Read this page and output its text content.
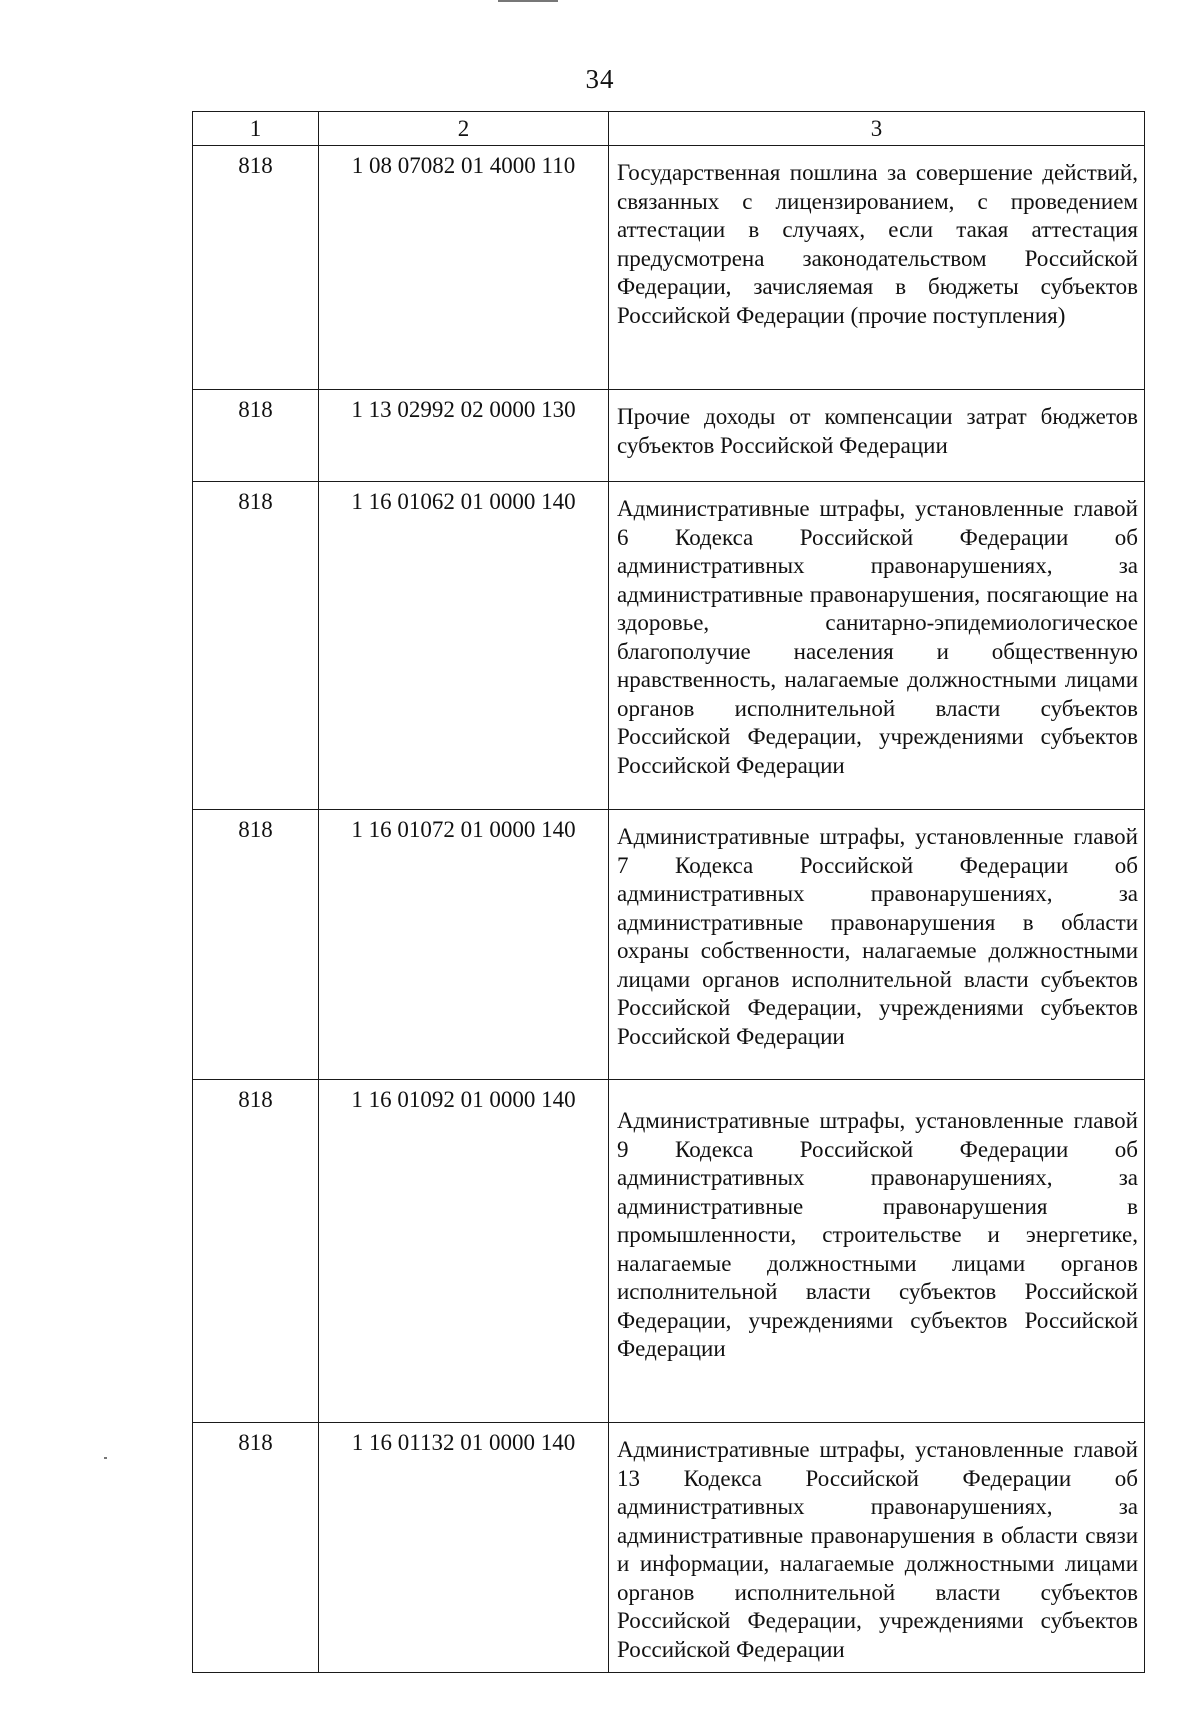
34
1	2	3
818	1 08 07082 01 4000 110	Государственная пошлина за совершение действий, связанных с лицензированием, с проведением аттестации в случаях, если такая аттестация предусмотрена законодательством Российской Федерации, зачисляемая в бюджеты субъектов Российской Федерации (прочие поступления)
818	1 13 02992 02 0000 130	Прочие доходы от компенсации затрат бюджетов субъектов Российской Федерации
818	1 16 01062 01 0000 140	Административные штрафы, установленные главой 6 Кодекса Российской Федерации об административных правонарушениях, за административные правонарушения, посягающие на здоровье, санитарно-эпидемиологическое благополучие населения и общественную нравственность, налагаемые должностными лицами органов исполнительной власти субъектов Российской Федерации, учреждениями субъектов Российской Федерации
818	1 16 01072 01 0000 140	Административные штрафы, установленные главой 7 Кодекса Российской Федерации об административных правонарушениях, за административные правонарушения в области охраны собственности, налагаемые должностными лицами органов исполнительной власти субъектов Российской Федерации, учреждениями субъектов Российской Федерации
818	1 16 01092 01 0000 140	Административные штрафы, установленные главой 9 Кодекса Российской Федерации об административных правонарушениях, за административные правонарушения в промышленности, строительстве и энергетике, налагаемые должностными лицами органов исполнительной власти субъектов Российской Федерации, учреждениями субъектов Российской Федерации
818	1 16 01132 01 0000 140	Административные штрафы, установленные главой 13 Кодекса Российской Федерации об административных правонарушениях, за административные правонарушения в области связи и информации, налагаемые должностными лицами органов исполнительной власти субъектов Российской Федерации, учреждениями субъектов Российской Федерации
